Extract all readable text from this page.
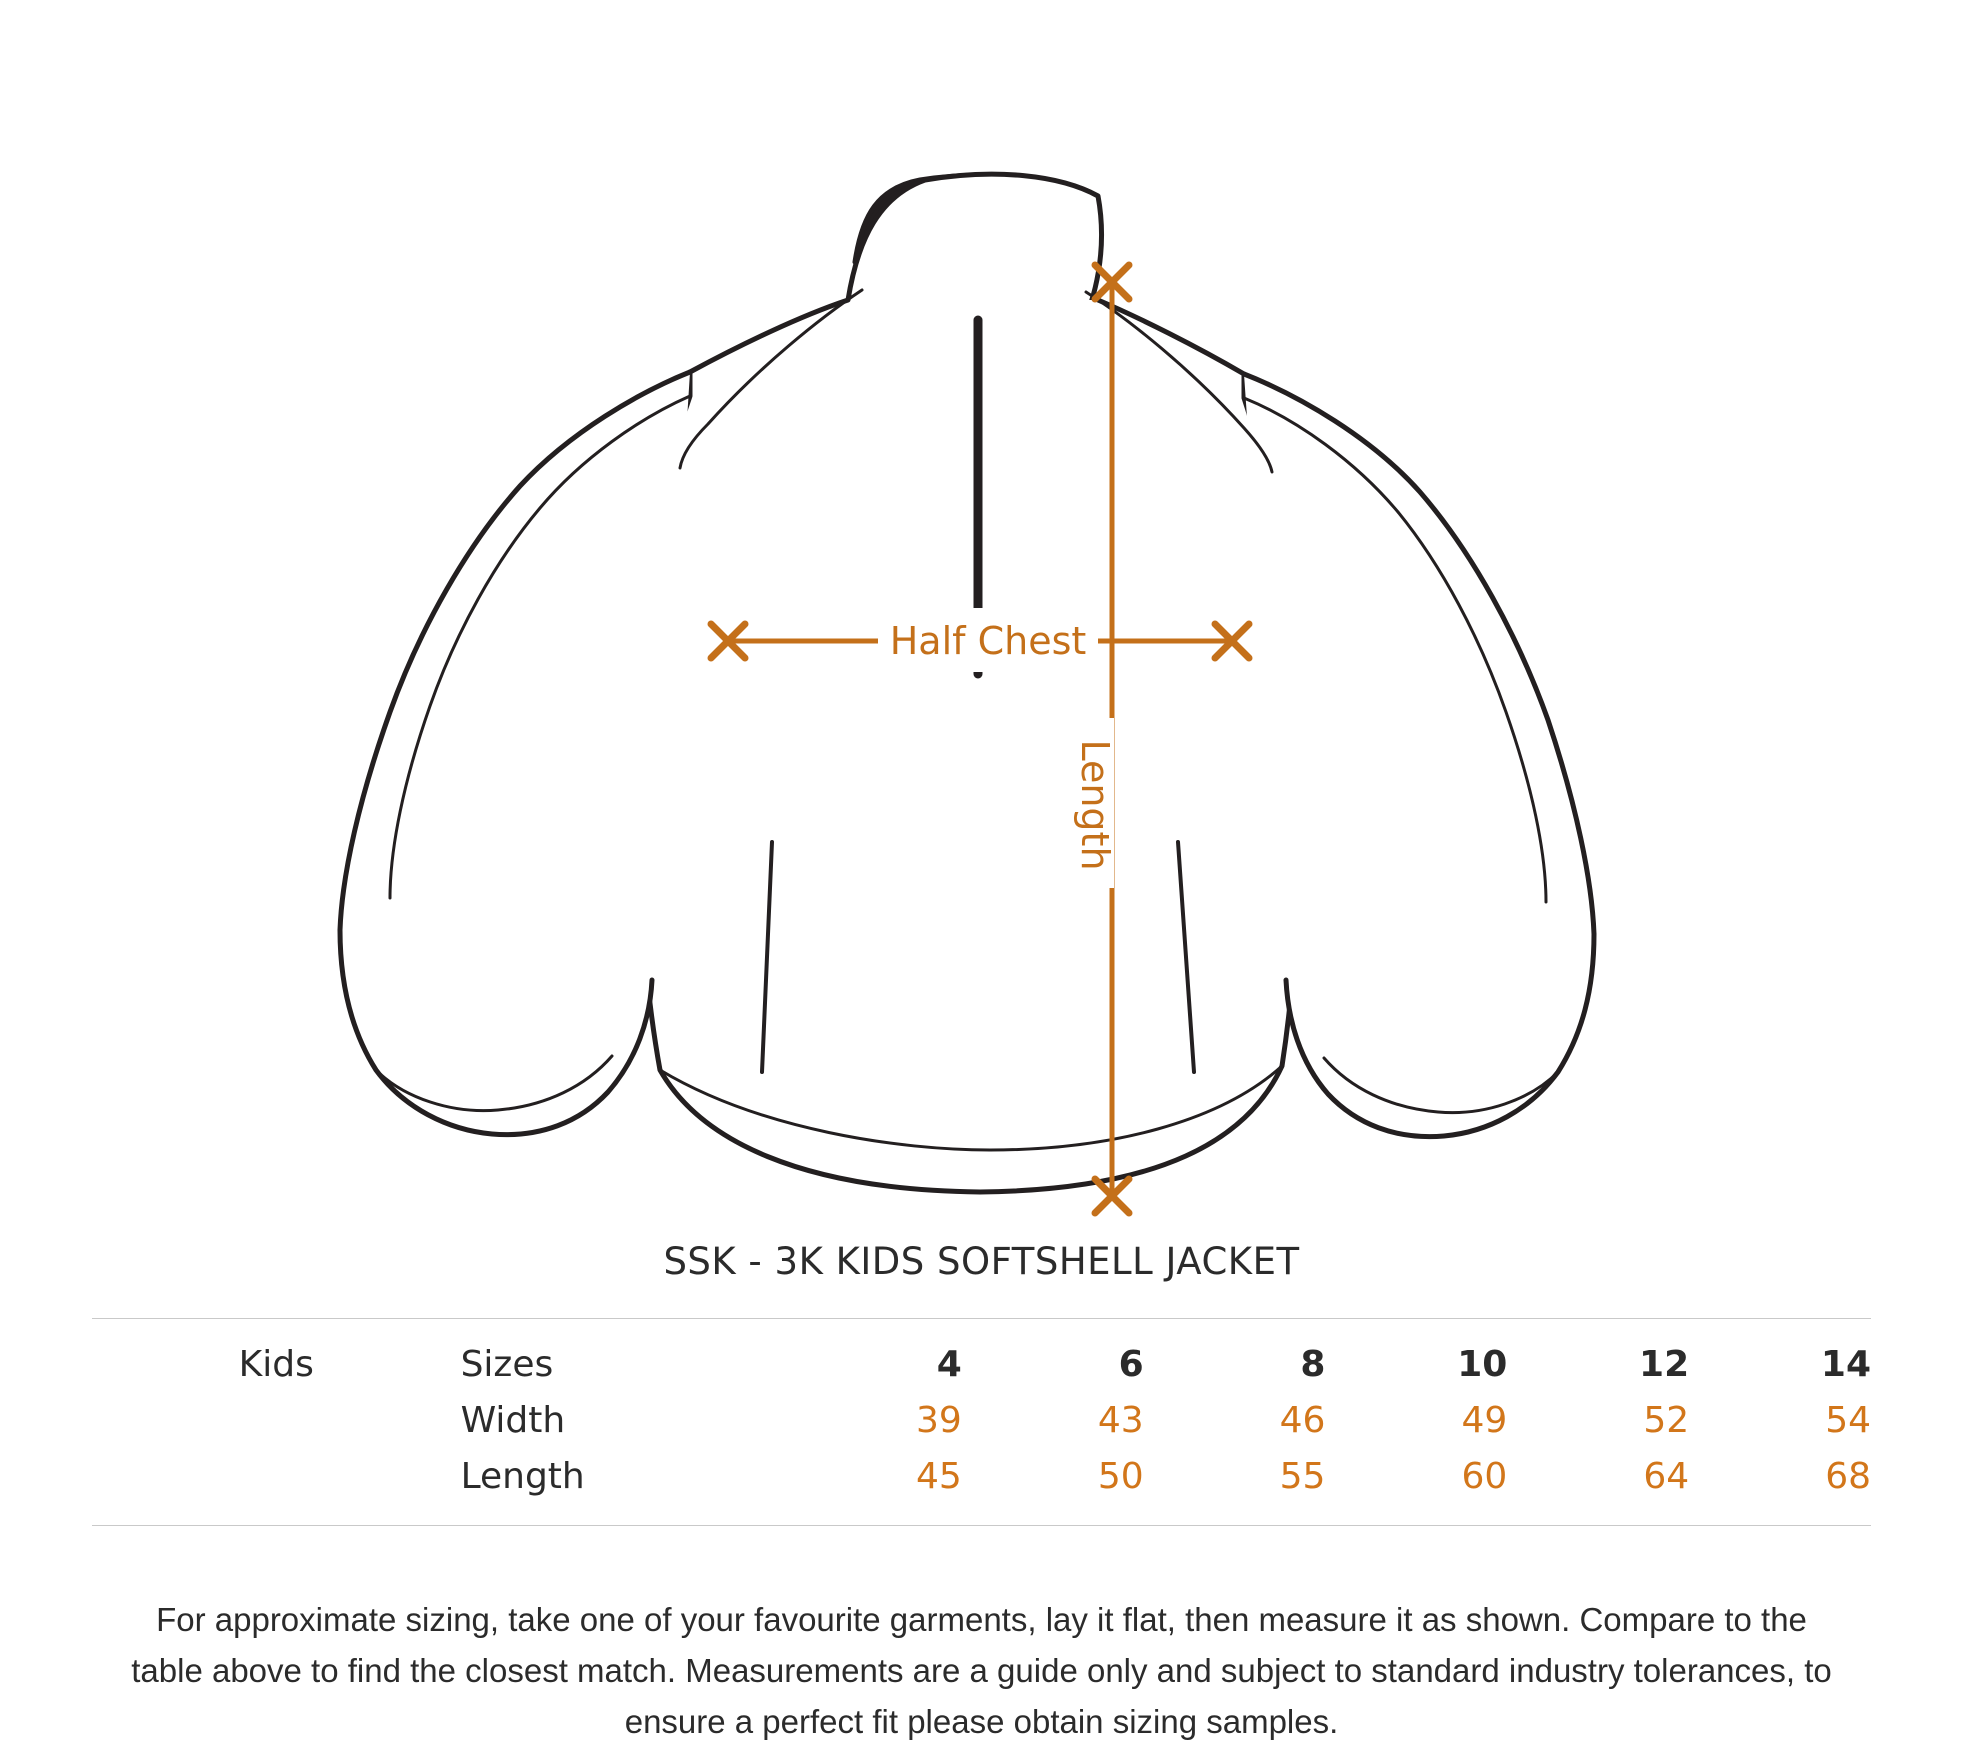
Half Chest
Length
SSK - 3K KIDS SOFTSHELL JACKET
Kids	Sizes	4	6	8	10	12	14
	Width	39	43	46	49	52	54
	Length	45	50	55	60	64	68
For approximate sizing, take one of your favourite garments, lay it flat, then measure it as shown. Compare to the table above to find the closest match. Measurements are a guide only and subject to standard industry tolerances, to ensure a perfect fit please obtain sizing samples.
